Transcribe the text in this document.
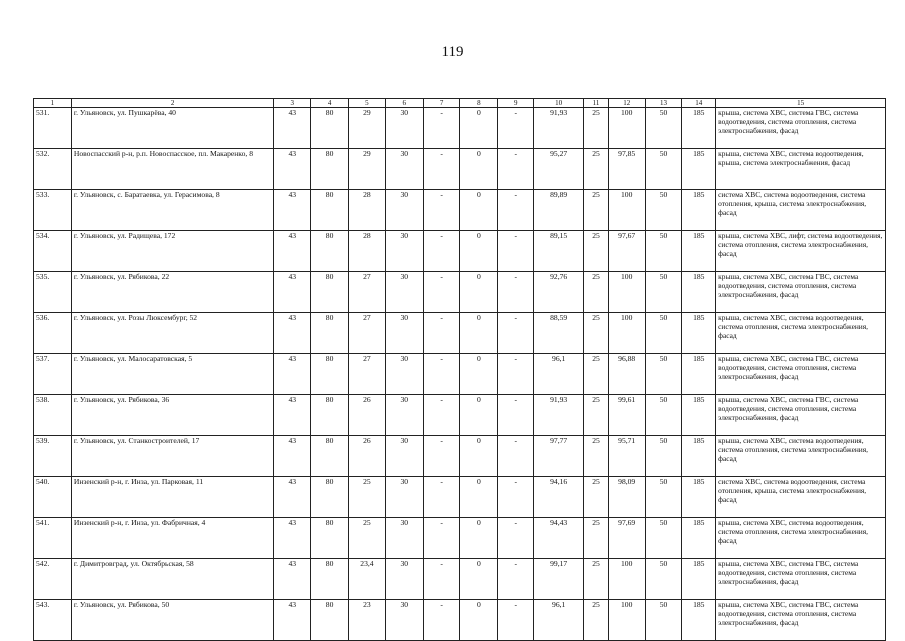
119
1	2	3	4	5	6	7	8	9	10	11	12	13	14	15
531.	г. Ульяновск, ул. Пушкарёва, 40	43	80	29	30	-	0	-	91,93	25	100	50	185	крыша, система ХВС, система ГВС, система водоотведения, система отопления, система электроснабжения, фасад
532.	Новоспасский р-н, р.п. Новоспасское, пл. Макаренко, 8	43	80	29	30	-	0	-	95,27	25	97,85	50	185	крыша, система ХВС, система водоотведения, крыша, система электроснабжения, фасад
533.	г. Ульяновск, с. Баратаевка, ул. Герасимова, 8	43	80	28	30	-	0	-	89,89	25	100	50	185	система ХВС, система водоотведения, система отопления, крыша, система электроснабжения, фасад
534.	г. Ульяновск, ул. Радищева, 172	43	80	28	30	-	0	-	89,15	25	97,67	50	185	крыша, система ХВС, лифт, система водоотведения, система отопления, система электроснабжения, фасад
535.	г. Ульяновск, ул. Рябикова, 22	43	80	27	30	-	0	-	92,76	25	100	50	185	крыша, система ХВС, система ГВС, система водоотведения, система отопления, система электроснабжения, фасад
536.	г. Ульяновск, ул. Розы Люксембург, 52	43	80	27	30	-	0	-	88,59	25	100	50	185	крыша, система ХВС, система водоотведения, система отопления, система электроснабжения, фасад
537.	г. Ульяновск, ул. Малосаратовская, 5	43	80	27	30	-	0	-	96,1	25	96,88	50	185	крыша, система ХВС, система ГВС, система водоотведения, система отопления, система электроснабжения, фасад
538.	г. Ульяновск, ул. Рябикова, 36	43	80	26	30	-	0	-	91,93	25	99,61	50	185	крыша, система ХВС, система ГВС, система водоотведения, система отопления, система электроснабжения, фасад
539.	г. Ульяновск, ул. Станкостроителей, 17	43	80	26	30	-	0	-	97,77	25	95,71	50	185	крыша, система ХВС, система водоотведения, система отопления, система электроснабжения, фасад
540.	Инзенский р-н, г. Инза, ул. Парковая, 11	43	80	25	30	-	0	-	94,16	25	98,09	50	185	система ХВС, система водоотведения, система отопления, крыша, система электроснабжения, фасад
541.	Инзенский р-н, г. Инза, ул. Фабричная, 4	43	80	25	30	-	0	-	94,43	25	97,69	50	185	крыша, система ХВС, система водоотведения, система отопления, система электроснабжения, фасад
542.	г. Димитровград, ул. Октябрьская, 58	43	80	23,4	30	-	0	-	99,17	25	100	50	185	крыша, система ХВС, система ГВС, система водоотведения, система отопления, система электроснабжения, фасад
543.	г. Ульяновск, ул. Рябикова, 50	43	80	23	30	-	0	-	96,1	25	100	50	185	крыша, система ХВС, система ГВС, система водоотведения, система отопления, система электроснабжения, фасад
